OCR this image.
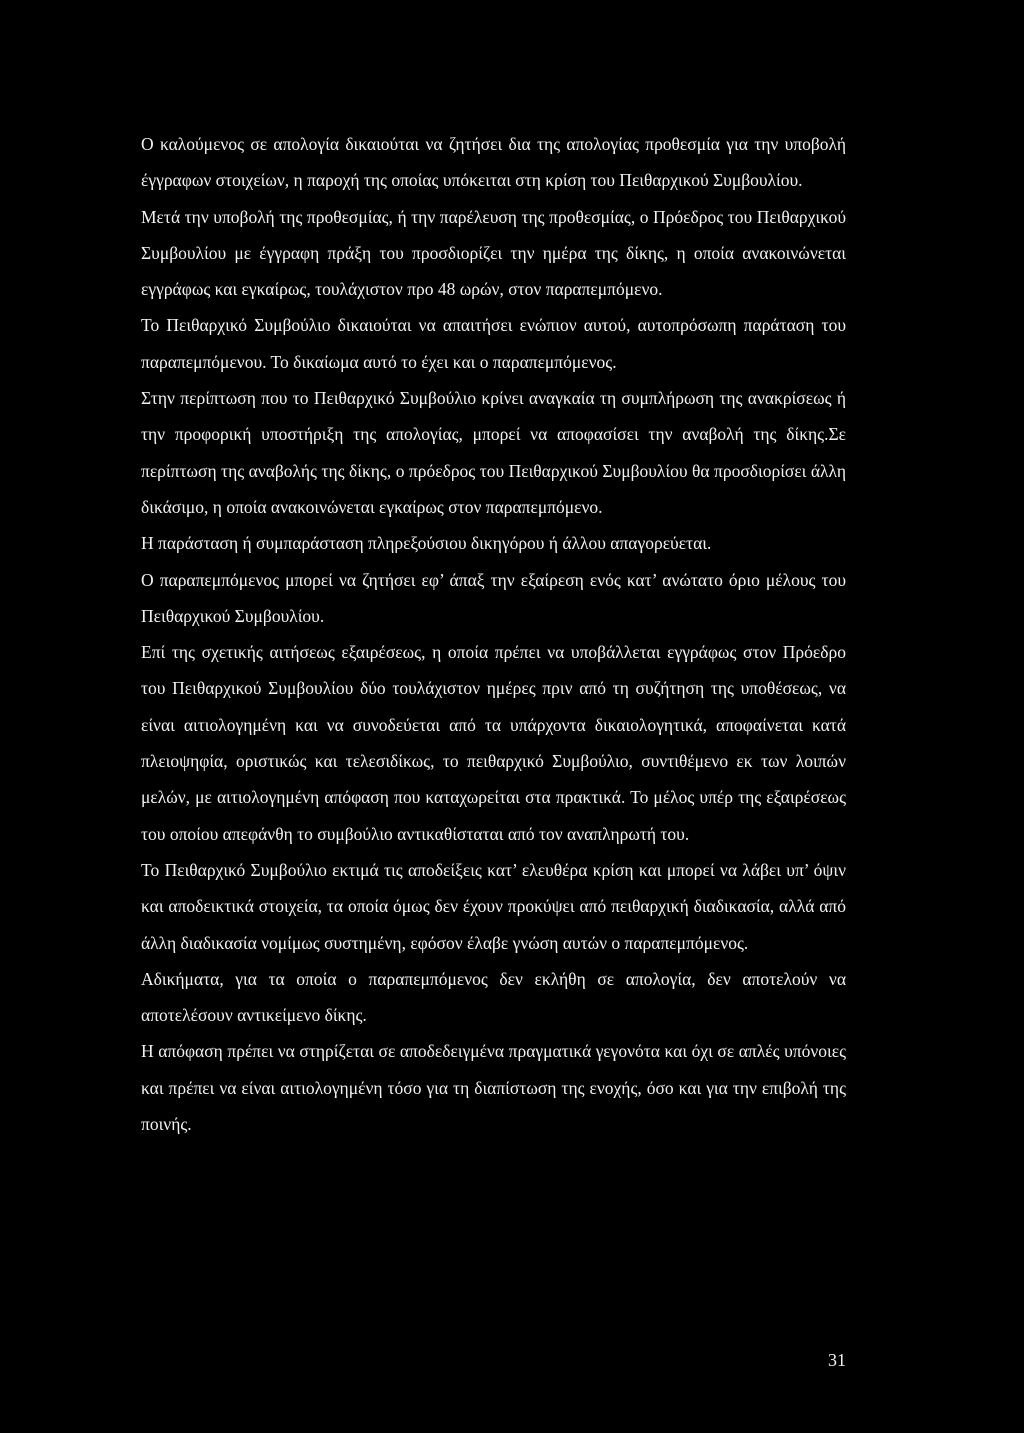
Ο καλούμενος σε απολογία δικαιούται να ζητήσει δια της απολογίας προθεσμία για την υποβολή έγγραφων στοιχείων, η παροχή της οποίας υπόκειται στη κρίση του Πειθαρχικού Συμβουλίου.

Μετά την υποβολή της προθεσμίας, ή την παρέλευση της προθεσμίας, ο Πρόεδρος του Πειθαρχικού Συμβουλίου με έγγραφη πράξη του προσδιορίζει την ημέρα της δίκης, η οποία ανακοινώνεται εγγράφως και εγκαίρως, τουλάχιστον προ 48 ωρών, στον παραπεμπόμενο.

Το Πειθαρχικό Συμβούλιο δικαιούται να απαιτήσει ενώπιον αυτού, αυτοπρόσωπη παράταση του παραπεμπόμενου. Το δικαίωμα αυτό το έχει και ο παραπεμπόμενος.

Στην περίπτωση που το Πειθαρχικό Συμβούλιο κρίνει αναγκαία τη συμπλήρωση της ανακρίσεως ή την προφορική υποστήριξη της απολογίας, μπορεί να αποφασίσει την αναβολή της δίκης.Σε περίπτωση της αναβολής της δίκης, ο πρόεδρος του Πειθαρχικού Συμβουλίου θα προσδιορίσει άλλη δικάσιμο, η οποία ανακοινώνεται εγκαίρως στον παραπεμπόμενο.

Η παράσταση ή συμπαράσταση πληρεξούσιου δικηγόρου ή άλλου απαγορεύεται.

Ο παραπεμπόμενος μπορεί να ζητήσει εφ’ άπαξ την εξαίρεση ενός κατ’ ανώτατο όριο μέλους του Πειθαρχικού Συμβουλίου.

Επί της σχετικής αιτήσεως εξαιρέσεως, η οποία πρέπει να υποβάλλεται εγγράφως στον Πρόεδρο του Πειθαρχικού Συμβουλίου δύο τουλάχιστον ημέρες πριν από τη συζήτηση της υποθέσεως, να είναι αιτιολογημένη και να συνοδεύεται από τα υπάρχοντα δικαιολογητικά, αποφαίνεται κατά πλειοψηφία, οριστικώς και τελεσιδίκως, το πειθαρχικό Συμβούλιο, συντιθέμενο εκ των λοιπών μελών, με αιτιολογημένη απόφαση που καταχωρείται στα πρακτικά. Το μέλος υπέρ της εξαιρέσεως του οποίου απεφάνθη το συμβούλιο αντικαθίσταται από τον αναπληρωτή του.

Το Πειθαρχικό Συμβούλιο εκτιμά τις αποδείξεις κατ’ ελευθέρα κρίση και μπορεί να λάβει υπ’ όψιν και αποδεικτικά στοιχεία, τα οποία όμως δεν έχουν προκύψει από πειθαρχική διαδικασία, αλλά από άλλη διαδικασία νομίμως συστημένη, εφόσον έλαβε γνώση αυτών ο παραπεμπόμενος.

Αδικήματα, για τα οποία ο παραπεμπόμενος δεν εκλήθη σε απολογία, δεν αποτελούν να αποτελέσουν αντικείμενο δίκης.

Η απόφαση πρέπει να στηρίζεται σε αποδεδειγμένα πραγματικά γεγονότα και όχι σε απλές υπόνοιες και πρέπει να είναι αιτιολογημένη τόσο για τη διαπίστωση της ενοχής, όσο και για την επιβολή της ποινής.

31
